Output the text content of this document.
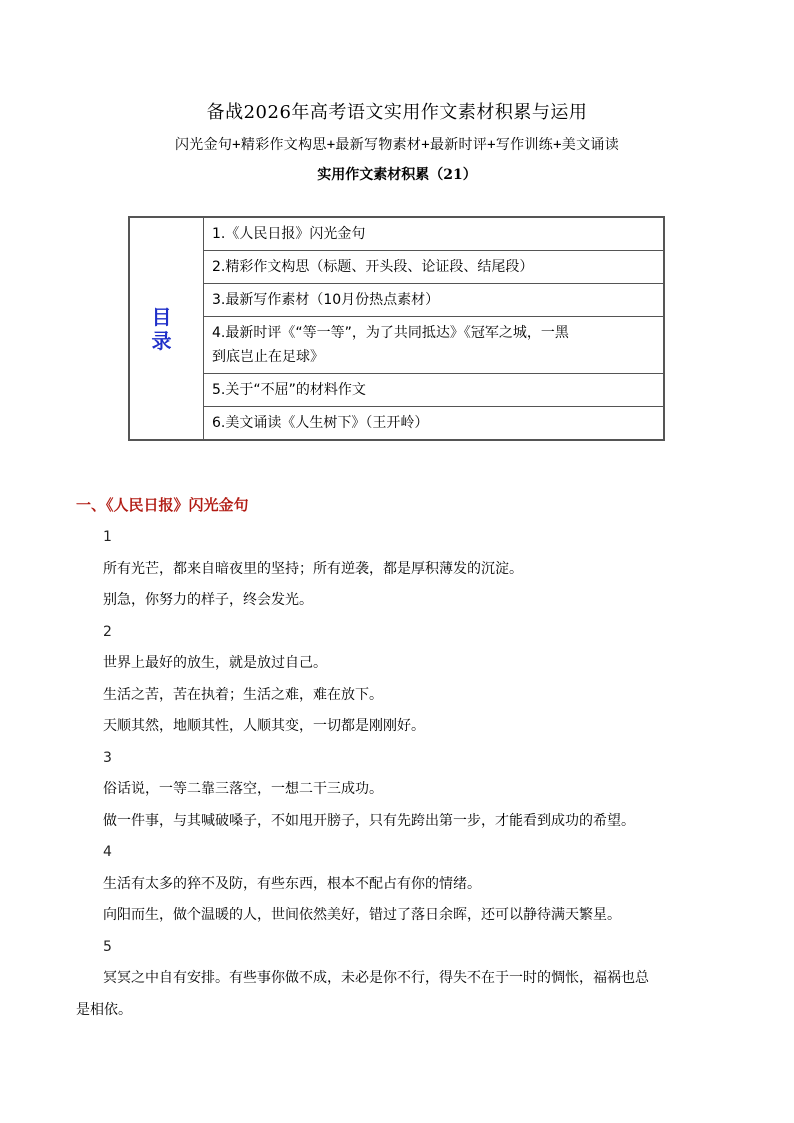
备战2026年高考语文实用作文素材积累与运用
闪光金句+精彩作文构思+最新写物素材+最新时评+写作训练+美文诵读
实用作文素材积累（21）
目 录	1.《人民日报》闪光金句
2.精彩作文构思（标题、开头段、论证段、结尾段）
3.最新写作素材（10月份热点素材）

4.最新时评《“等一等”，为了共同抵达》《冠军之城，一黑
到底岂止在足球》

5.关于“不屈”的材料作文
6.美文诵读《人生树下》（王开岭）
一、《人民日报》闪光金句
1
所有光芒，都来自暗夜里的坚持；所有逆袭，都是厚积薄发的沉淀。
别急，你努力的样子，终会发光。
2
世界上最好的放生，就是放过自己。
生活之苦，苦在执着；生活之难，难在放下。
天顺其然，地顺其性，人顺其变，一切都是刚刚好。
3
俗话说，一等二靠三落空，一想二干三成功。
做一件事，与其喊破嗓子，不如甩开膀子，只有先跨出第一步，才能看到成功的希望。
4
生活有太多的猝不及防，有些东西，根本不配占有你的情绪。
向阳而生，做个温暖的人，世间依然美好，错过了落日余晖，还可以静待满天繁星。
5
冥冥之中自有安排。有些事你做不成，未必是你不行，得失不在于一时的惆怅，福祸也总
是相依。
